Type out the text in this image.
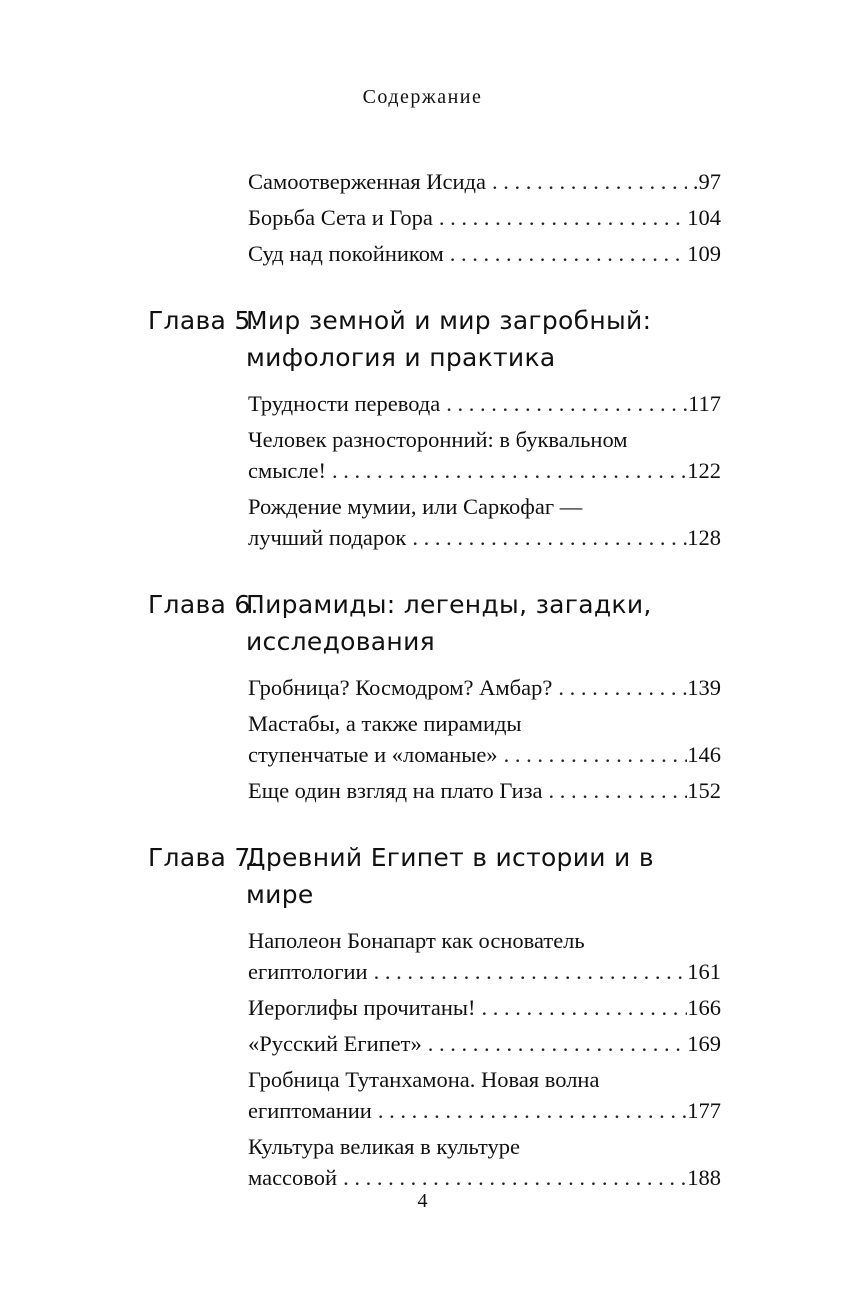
Содержание
Самоотверженная Исида . . .	.97
Борьба Сета и Гора . . .	104
Суд над покойником . . .	109
Глава 5.
Мир земной и мир загробный: мифология и практика
Трудности перевода . . .	117
Человек разносторонний: в буквальном
смысле! . . .	122
Рождение мумии, или Саркофаг —
лучший подарок . . .	128
Глава 6.
Пирамиды: легенды, загадки, исследования
Гробница? Космодром? Амбар? . . .	139
Мастабы, а также пирамиды
ступенчатые и «ломаные» . . .	146
Еще один взгляд на плато Гиза . . .	152
Глава 7.
Древний Египет в истории и в мире
Наполеон Бонапарт как основатель
египтологии . . .	161
Иероглифы прочитаны! . . .	166
«Русский Египет» . . .	169
Гробница Тутанхамона. Новая волна
египтомании . . .	177
Культура великая в культуре
массовой . . .	188
4
